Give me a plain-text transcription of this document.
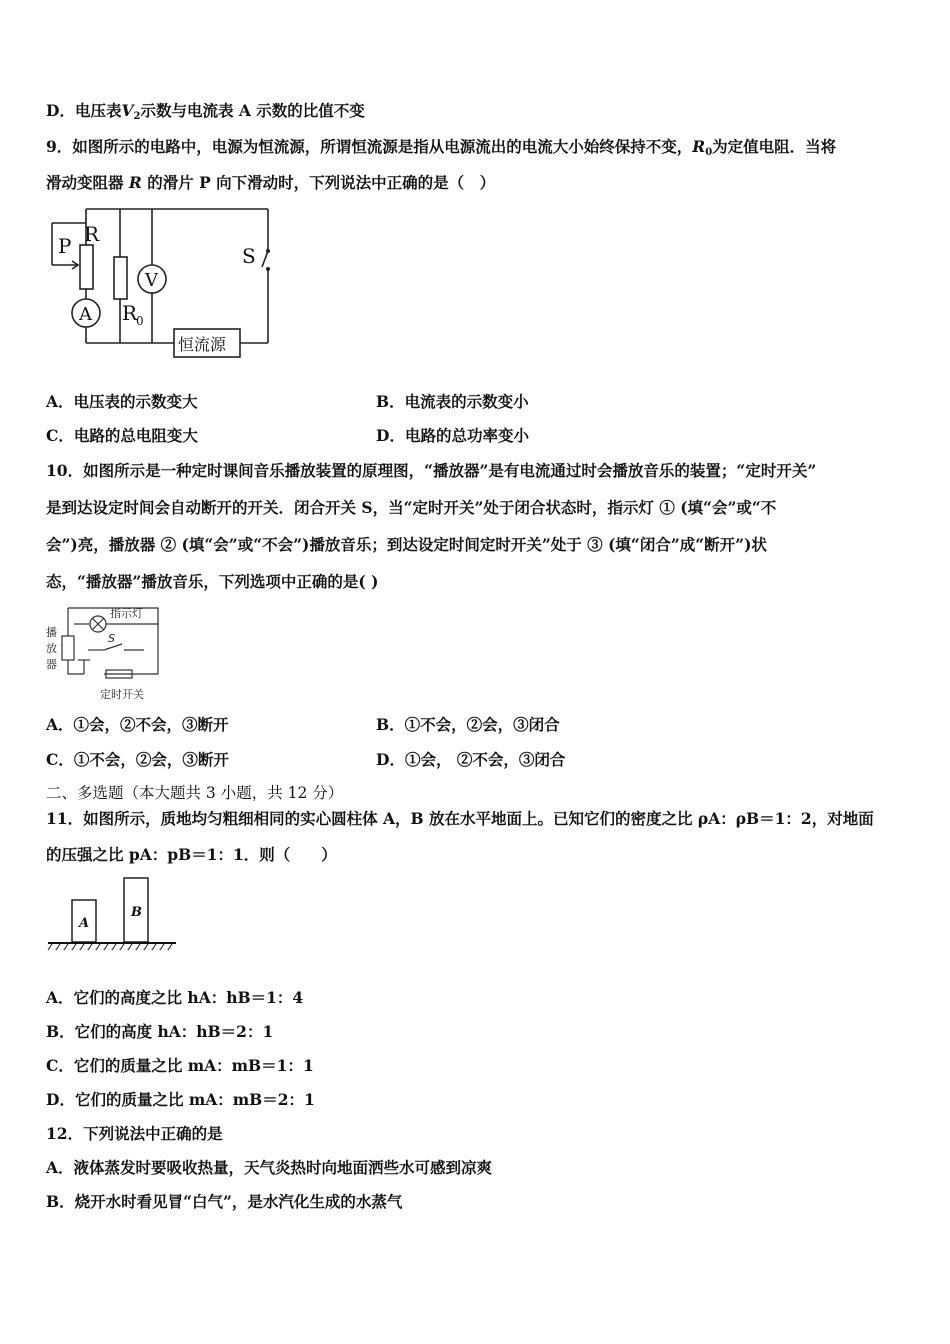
D．电压表$V_2$示数与电流表 A 示数的比值不变
9．如图所示的电路中，电源为恒流源，所谓恒流源是指从电源流出的电流大小始终保持不变，$R_0$为定值电阻．当将
滑动变阻器 R 的滑片 P 向下滑动时，下列说法中正确的是（　）
P R
A
V
R
0
S
恒流源
A．电压表的示数变大	B．电流表的示数变小
C．电路的总电阻变大	D．电路的总功率变小
10．如图所示是一种定时课间音乐播放装置的原理图，“播放器”是有电流通过时会播放音乐的装置；“定时开关”
是到达设定时间会自动断开的开关．闭合开关 S，当“定时开关”处于闭合状态时，指示灯 ① (填“会”或“不
会”)亮，播放器 ② (填“会”或“不会”)播放音乐；到达设定时间定时开关”处于 ③ (填“闭合”成“断开”)状
态，“播放器”播放音乐，下列选项中正确的是( )
指示灯
播
放
器
S
定时开关
A．①会，②不会，③断开	B．①不会，②会，③闭合
C．①不会，②会，③断开	D．①会， ②不会，③闭合
二、多选题（本大题共 3 小题，共 12 分）
11．如图所示，质地均匀粗细相同的实心圆柱体 A，B 放在水平地面上。已知它们的密度之比 ρA：ρB＝1：2，对地面
的压强之比 pA：pB＝1：1．则（　　）
A
B
A．它们的高度之比 hA：hB＝1：4
B．它们的高度 hA：hB＝2：1
C．它们的质量之比 mA：mB＝1：1
D．它们的质量之比 mA：mB＝2：1
12．下列说法中正确的是
A．液体蒸发时要吸收热量，天气炎热时向地面洒些水可感到凉爽
B．烧开水时看见冒“白气”，是水汽化生成的水蒸气
